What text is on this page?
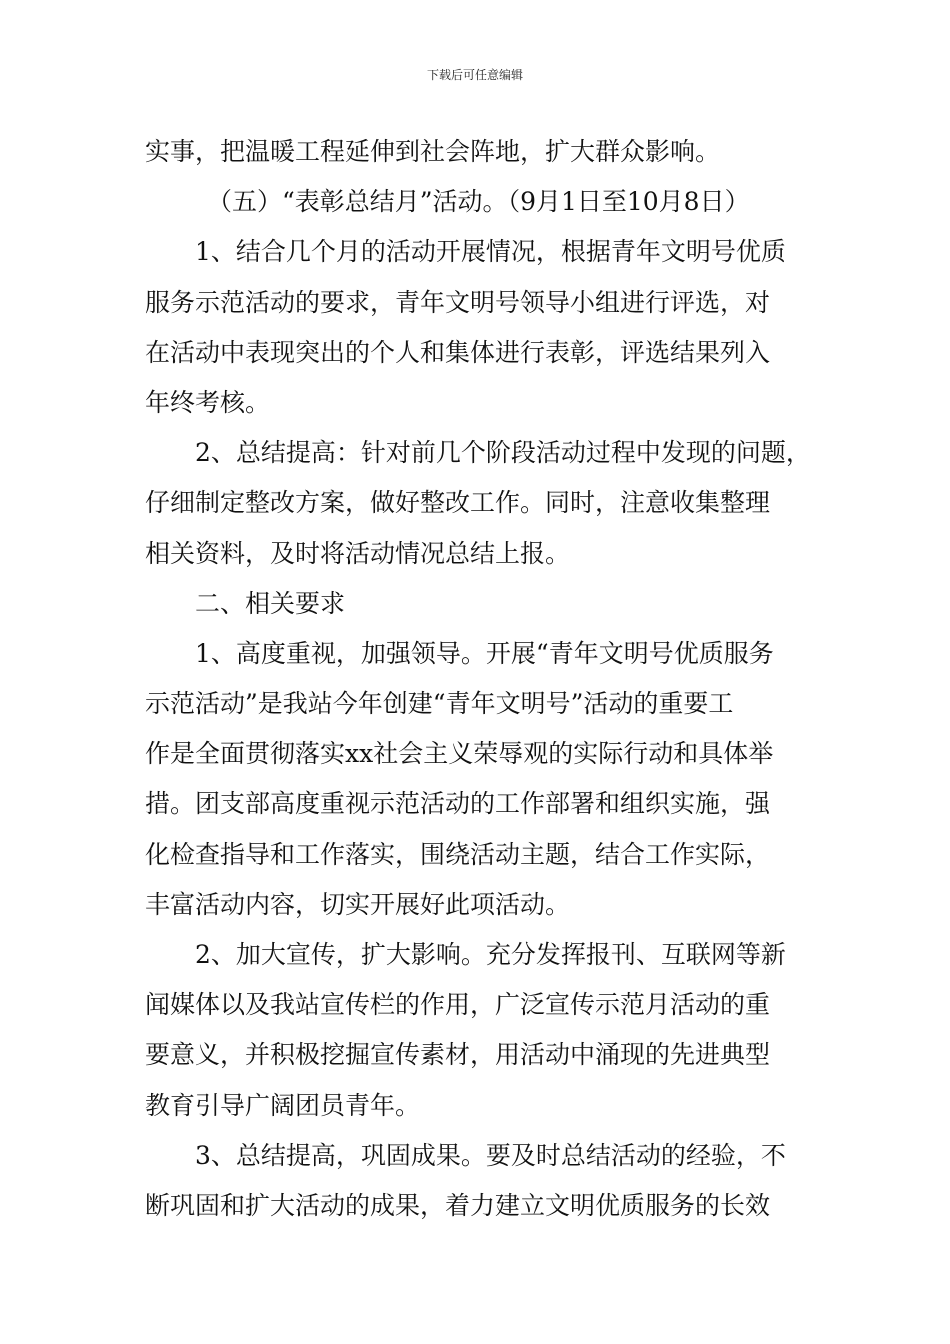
下载后可任意编辑
实事，把温暖工程延伸到社会阵地，扩大群众影响。
（五）“表彰总结月”活动。（9月1日至10月8日）
1、结合几个月的活动开展情况，根据青年文明号优质
服务示范活动的要求，青年文明号领导小组进行评选，对
在活动中表现突出的个人和集体进行表彰，评选结果列入
年终考核。
2、总结提高：针对前几个阶段活动过程中发现的问题，
仔细制定整改方案，做好整改工作。同时，注意收集整理
相关资料，及时将活动情况总结上报。
二、相关要求
1、高度重视，加强领导。开展“青年文明号优质服务
示范活动”是我站今年创建“青年文明号”活动的重要工
作是全面贯彻落实xx社会主义荣辱观的实际行动和具体举
措。团支部高度重视示范活动的工作部署和组织实施，强
化检查指导和工作落实，围绕活动主题，结合工作实际，
丰富活动内容，切实开展好此项活动。
2、加大宣传，扩大影响。充分发挥报刊、互联网等新
闻媒体以及我站宣传栏的作用，广泛宣传示范月活动的重
要意义，并积极挖掘宣传素材，用活动中涌现的先进典型
教育引导广阔团员青年。
3、总结提高，巩固成果。要及时总结活动的经验，不
断巩固和扩大活动的成果，着力建立文明优质服务的长效
